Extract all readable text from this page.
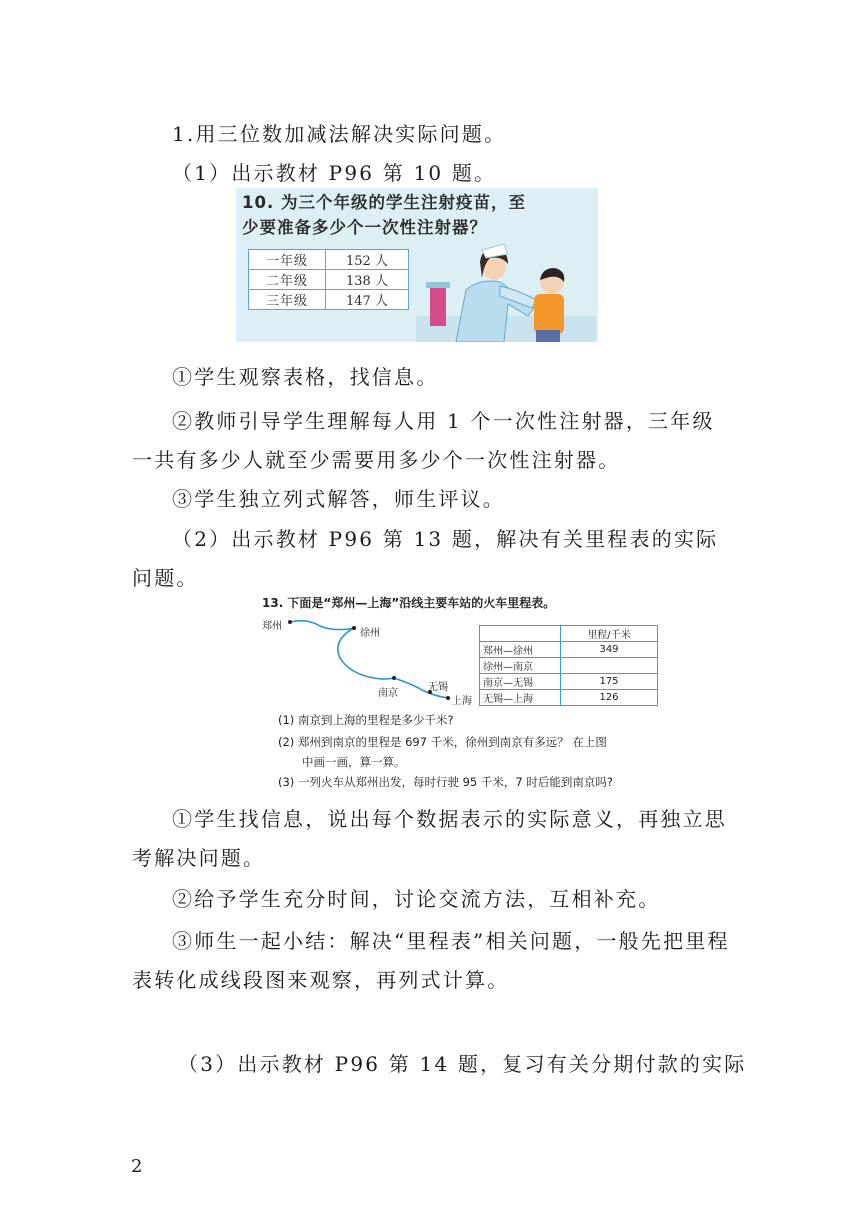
1.用三位数加减法解决实际问题。
（1）出示教材 P96 第 10 题。
10. 为三个年级的学生注射疫苗，至
少要准备多少个一次性注射器？
一年级	152 人
二年级	138 人
三年级	147 人
①学生观察表格，找信息。
②教师引导学生理解每人用 1 个一次性注射器，三年级一共有多少人就至少需要用多少个一次性注射器。
③学生独立列式解答，师生评议。
（2）出示教材 P96 第 13 题，解决有关里程表的实际问题。
13. 下面是“郑州—上海”沿线主要车站的火车里程表。
郑州
徐州
南京
无锡
上海
	里程/千米
郑州—徐州	349
徐州—南京	
南京—无锡	175
无锡—上海	126
(1) 南京到上海的里程是多少千米?
(2) 郑州到南京的里程是 697 千米，徐州到南京有多远？ 在上图
中画一画，算一算。
(3) 一列火车从郑州出发，每时行驶 95 千米，7 时后能到南京吗?
①学生找信息，说出每个数据表示的实际意义，再独立思考解决问题。
②给予学生充分时间，讨论交流方法，互相补充。
③师生一起小结：解决“里程表”相关问题，一般先把里程表转化成线段图来观察，再列式计算。
（3）出示教材 P96 第 14 题，复习有关分期付款的实际
2
